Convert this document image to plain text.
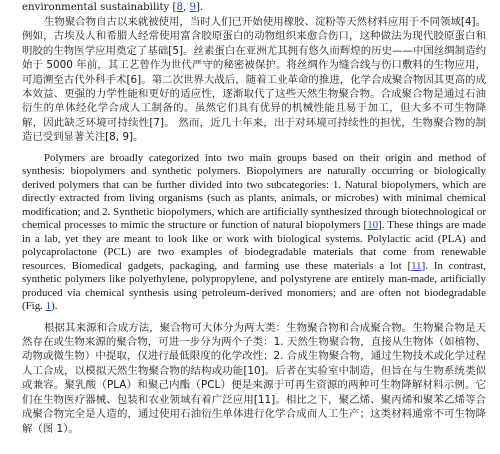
environmental sustainability [8, 9].

生物聚合物自古以来就被使用，当时人们已开始使用橡胶、淀粉等天然材料应用于不同领域[4]。例如，古埃及人和希腊人经常使用富含胶原蛋白的动物组织来愈合伤口，这种做法为现代胶原蛋白和明胶的生物医学应用奠定了基础[5]。丝素蛋白在亚洲尤其拥有悠久而辉煌的历史——中国丝绸制造约始于 5000 年前，其工艺曾作为世代严守的秘密被保护。将丝绸作为缝合线与伤口敷料的生物应用，可追溯至古代外科手术[6]。第二次世界大战后，随着工业革命的推进，化学合成聚合物因其更高的成本效益、更强的力学性能和更好的适应性，逐渐取代了这些天然生物聚合物。合成聚合物是通过石油衍生的单体经化学合成人工制备的。虽然它们具有优异的机械性能且易于加工，但大多不可生物降解，因此缺乏环境可持续性[7]。 然而，近几十年来，出于对环境可持续性的担忧，生物聚合物的制造已受到显著关注[8, 9]。

Polymers are broadly categorized into two main groups based on their origin and method of synthesis: biopolymers and synthetic polymers. Biopolymers are naturally occurring or biologically derived polymers that can be further divided into two subcategories: 1. Natural biopolymers, which are directly extracted from living organisms (such as plants, animals, or microbes) with minimal chemical modification; and 2. Synthetic biopolymers, which are artificially synthesized through biotechnological or chemical processes to mimic the structure or function of natural biopolymers [10]. These things are made in a lab, yet they are meant to look like or work with biological systems. Polylactic acid (PLA) and polycaprolactone (PCL) are two examples of biodegradable materials that come from renewable resources. Biomedical gadgets, packaging, and farming use these materials a lot [11]. In contrast, synthetic polymers like polyethylene, polypropylene, and polystyrene are entirely man-made, artificially produced via chemical synthesis using petroleum-derived monomers; and are often not biodegradable (Fig. 1).

根据其来源和合成方法，聚合物可大体分为两大类：生物聚合物和合成聚合物。生物聚合物是天然存在或生物来源的聚合物，可进一步分为两个子类：1. 天然生物聚合物，直接从生物体（如植物、动物或微生物）中提取，仅进行最低限度的化学改性；2. 合成生物聚合物，通过生物技术或化学过程人工合成，以模拟天然生物聚合物的结构或功能[10]。后者在实验室中制造，但旨在与生物系统类似或兼容。聚乳酸（PLA）和聚己内酯（PCL）便是来源于可再生资源的两种可生物降解材料示例。它们在生物医疗器械、包装和农业领域有着广泛应用[11]。相比之下，聚乙烯、聚丙烯和聚苯乙烯等合成聚合物完全是人造的，通过使用石油衍生单体进行化学合成而人工生产；这类材料通常不可生物降解（图 1）。
